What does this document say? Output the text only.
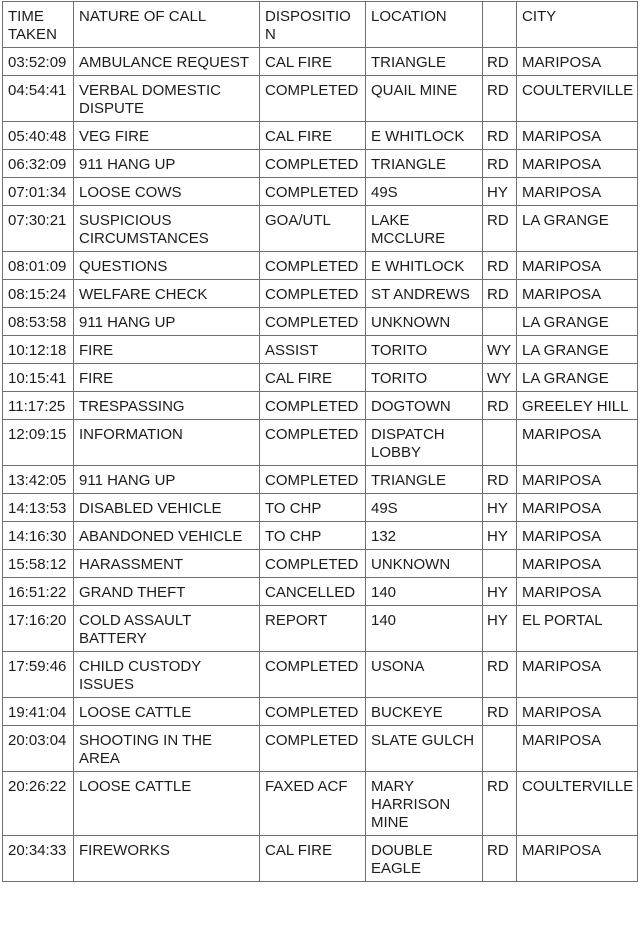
TIME TAKEN	NATURE OF CALL	DISPOSITION	LOCATION		CITY
03:52:09	AMBULANCE REQUEST	CAL FIRE	TRIANGLE	RD	MARIPOSA
04:54:41	VERBAL DOMESTIC DISPUTE	COMPLETED	QUAIL MINE	RD	COULTERVILLE
05:40:48	VEG FIRE	CAL FIRE	E WHITLOCK	RD	MARIPOSA
06:32:09	911 HANG UP	COMPLETED	TRIANGLE	RD	MARIPOSA
07:01:34	LOOSE COWS	COMPLETED	49S	HY	MARIPOSA
07:30:21	SUSPICIOUS CIRCUMSTANCES	GOA/UTL	LAKE MCCLURE	RD	LA GRANGE
08:01:09	QUESTIONS	COMPLETED	E WHITLOCK	RD	MARIPOSA
08:15:24	WELFARE CHECK	COMPLETED	ST ANDREWS	RD	MARIPOSA
08:53:58	911 HANG UP	COMPLETED	UNKNOWN		LA GRANGE
10:12:18	FIRE	ASSIST	TORITO	WY	LA GRANGE
10:15:41	FIRE	CAL FIRE	TORITO	WY	LA GRANGE
11:17:25	TRESPASSING	COMPLETED	DOGTOWN	RD	GREELEY HILL
12:09:15	INFORMATION	COMPLETED	DISPATCH LOBBY		MARIPOSA
13:42:05	911 HANG UP	COMPLETED	TRIANGLE	RD	MARIPOSA
14:13:53	DISABLED VEHICLE	TO CHP	49S	HY	MARIPOSA
14:16:30	ABANDONED VEHICLE	TO CHP	132	HY	MARIPOSA
15:58:12	HARASSMENT	COMPLETED	UNKNOWN		MARIPOSA
16:51:22	GRAND THEFT	CANCELLED	140	HY	MARIPOSA
17:16:20	COLD ASSAULT BATTERY	REPORT	140	HY	EL PORTAL
17:59:46	CHILD CUSTODY ISSUES	COMPLETED	USONA	RD	MARIPOSA
19:41:04	LOOSE CATTLE	COMPLETED	BUCKEYE	RD	MARIPOSA
20:03:04	SHOOTING IN THE AREA	COMPLETED	SLATE GULCH		MARIPOSA
20:26:22	LOOSE CATTLE	FAXED ACF	MARY HARRISON MINE	RD	COULTERVILLE
20:34:33	FIREWORKS	CAL FIRE	DOUBLE EAGLE	RD	MARIPOSA
